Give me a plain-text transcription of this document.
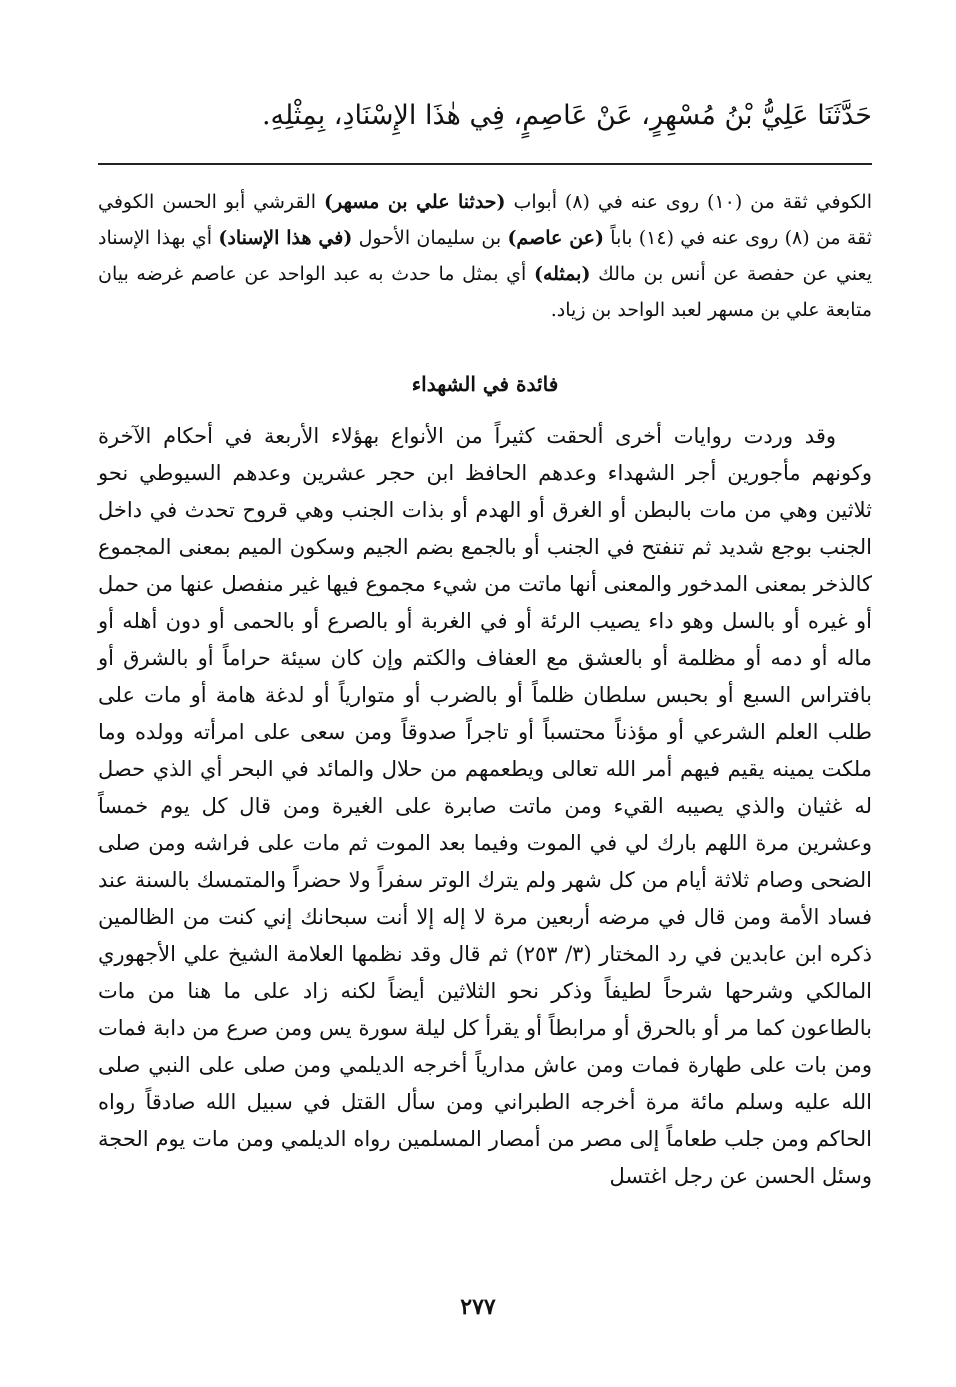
حَدَّثَنَا عَلِيُّ بْنُ مُسْهِرٍ، عَنْ عَاصِمٍ، فِي هٰذَا الإِسْنَادِ، بِمِثْلِهِ.

الكوفي ثقة من (١٠) روى عنه في (٨) أبواب (حدثنا علي بن مسهر) القرشي أبو الحسن الكوفي ثقة من (٨) روى عنه في (١٤) باباً (عن عاصم) بن سليمان الأحول (في هذا الإسناد) أي بهذا الإسناد يعني عن حفصة عن أنس بن مالك (بمثله) أي بمثل ما حدث به عبد الواحد عن عاصم غرضه بيان متابعة علي بن مسهر لعبد الواحد بن زياد.

فائدة في الشهداء

وقد وردت روايات أخرى ألحقت كثيراً من الأنواع بهؤلاء الأربعة في أحكام الآخرة وكونهم مأجورين أجر الشهداء وعدهم الحافظ ابن حجر عشرين وعدهم السيوطي نحو ثلاثين وهي من مات بالبطن أو الغرق أو الهدم أو بذات الجنب وهي قروح تحدث في داخل الجنب بوجع شديد ثم تنفتح في الجنب أو بالجمع بضم الجيم وسكون الميم بمعنى المجموع كالذخر بمعنى المدخور والمعنى أنها ماتت من شيء مجموع فيها غير منفصل عنها من حمل أو غيره أو بالسل وهو داء يصيب الرئة أو في الغربة أو بالصرع أو بالحمى أو دون أهله أو ماله أو دمه أو مظلمة أو بالعشق مع العفاف والكتم وإن كان سيئة حراماً أو بالشرق أو بافتراس السبع أو بحبس سلطان ظلماً أو بالضرب أو متوارياً أو لدغة هامة أو مات على طلب العلم الشرعي أو مؤذناً محتسباً أو تاجراً صدوقاً ومن سعى على امرأته وولده وما ملكت يمينه يقيم فيهم أمر الله تعالى ويطعمهم من حلال والمائد في البحر أي الذي حصل له غثيان والذي يصيبه القيء ومن ماتت صابرة على الغيرة ومن قال كل يوم خمساً وعشرين مرة اللهم بارك لي في الموت وفيما بعد الموت ثم مات على فراشه ومن صلى الضحى وصام ثلاثة أيام من كل شهر ولم يترك الوتر سفراً ولا حضراً والمتمسك بالسنة عند فساد الأمة ومن قال في مرضه أربعين مرة لا إله إلا أنت سبحانك إني كنت من الظالمين ذكره ابن عابدين في رد المختار (٣/ ٢٥٣) ثم قال وقد نظمها العلامة الشيخ علي الأجهوري المالكي وشرحها شرحاً لطيفاً وذكر نحو الثلاثين أيضاً لكنه زاد على ما هنا من مات بالطاعون كما مر أو بالحرق أو مرابطاً أو يقرأ كل ليلة سورة يس ومن صرع من دابة فمات ومن بات على طهارة فمات ومن عاش مدارياً أخرجه الديلمي ومن صلى على النبي صلى الله عليه وسلم مائة مرة أخرجه الطبراني ومن سأل القتل في سبيل الله صادقاً رواه الحاكم ومن جلب طعاماً إلى مصر من أمصار المسلمين رواه الديلمي ومن مات يوم الحجة وسئل الحسن عن رجل اغتسل

٢٧٧
